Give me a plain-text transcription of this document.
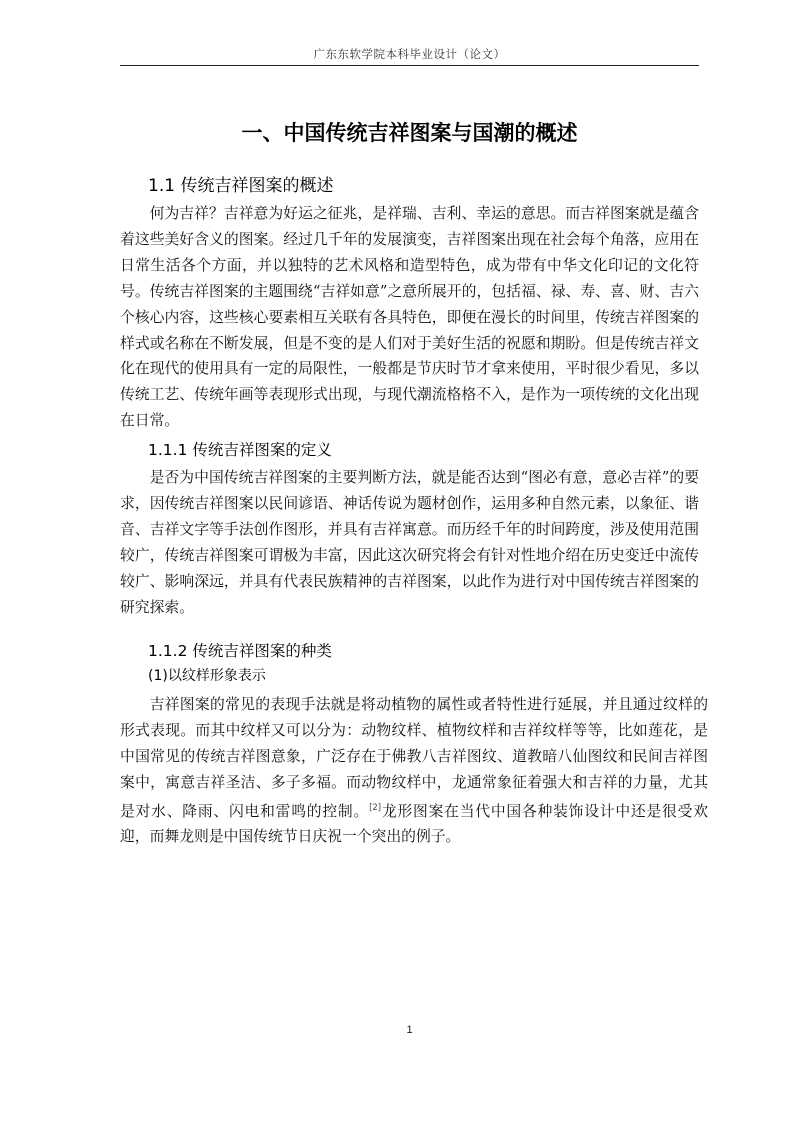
广东东软学院本科毕业设计（论文）
一、中国传统吉祥图案与国潮的概述
1.1 传统吉祥图案的概述

何为吉祥？吉祥意为好运之征兆，是祥瑞、吉利、幸运的意思。而吉祥图案就是蕴含着这些美好含义的图案。经过几千年的发展演变，吉祥图案出现在社会每个角落，应用在日常生活各个方面，并以独特的艺术风格和造型特色，成为带有中华文化印记的文化符号。传统吉祥图案的主题围绕“吉祥如意”之意所展开的，包括福、禄、寿、喜、财、吉六个核心内容，这些核心要素相互关联有各具特色，即便在漫长的时间里，传统吉祥图案的样式或名称在不断发展，但是不变的是人们对于美好生活的祝愿和期盼。但是传统吉祥文化在现代的使用具有一定的局限性，一般都是节庆时节才拿来使用，平时很少看见，多以传统工艺、传统年画等表现形式出现，与现代潮流格格不入，是作为一项传统的文化出现在日常。

1.1.1 传统吉祥图案的定义

是否为中国传统吉祥图案的主要判断方法，就是能否达到“图必有意，意必吉祥”的要求，因传统吉祥图案以民间谚语、神话传说为题材创作，运用多种自然元素，以象征、谐音、吉祥文字等手法创作图形，并具有吉祥寓意。而历经千年的时间跨度，涉及使用范围较广，传统吉祥图案可谓极为丰富，因此这次研究将会有针对性地介绍在历史变迁中流传较广、影响深远，并具有代表民族精神的吉祥图案，以此作为进行对中国传统吉祥图案的研究探索。

1.1.2 传统吉祥图案的种类
(1)以纹样形象表示

吉祥图案的常见的表现手法就是将动植物的属性或者特性进行延展，并且通过纹样的形式表现。而其中纹样又可以分为：动物纹样、植物纹样和吉祥纹样等等，比如莲花，是中国常见的传统吉祥图意象，广泛存在于佛教八吉祥图纹、道教暗八仙图纹和民间吉祥图案中，寓意吉祥圣洁、多子多福。而动物纹样中，龙通常象征着强大和吉祥的力量，尤其是对水、降雨、闪电和雷鸣的控制。[2]龙形图案在当代中国各种装饰设计中还是很受欢迎，而舞龙则是中国传统节日庆祝一个突出的例子。

1
